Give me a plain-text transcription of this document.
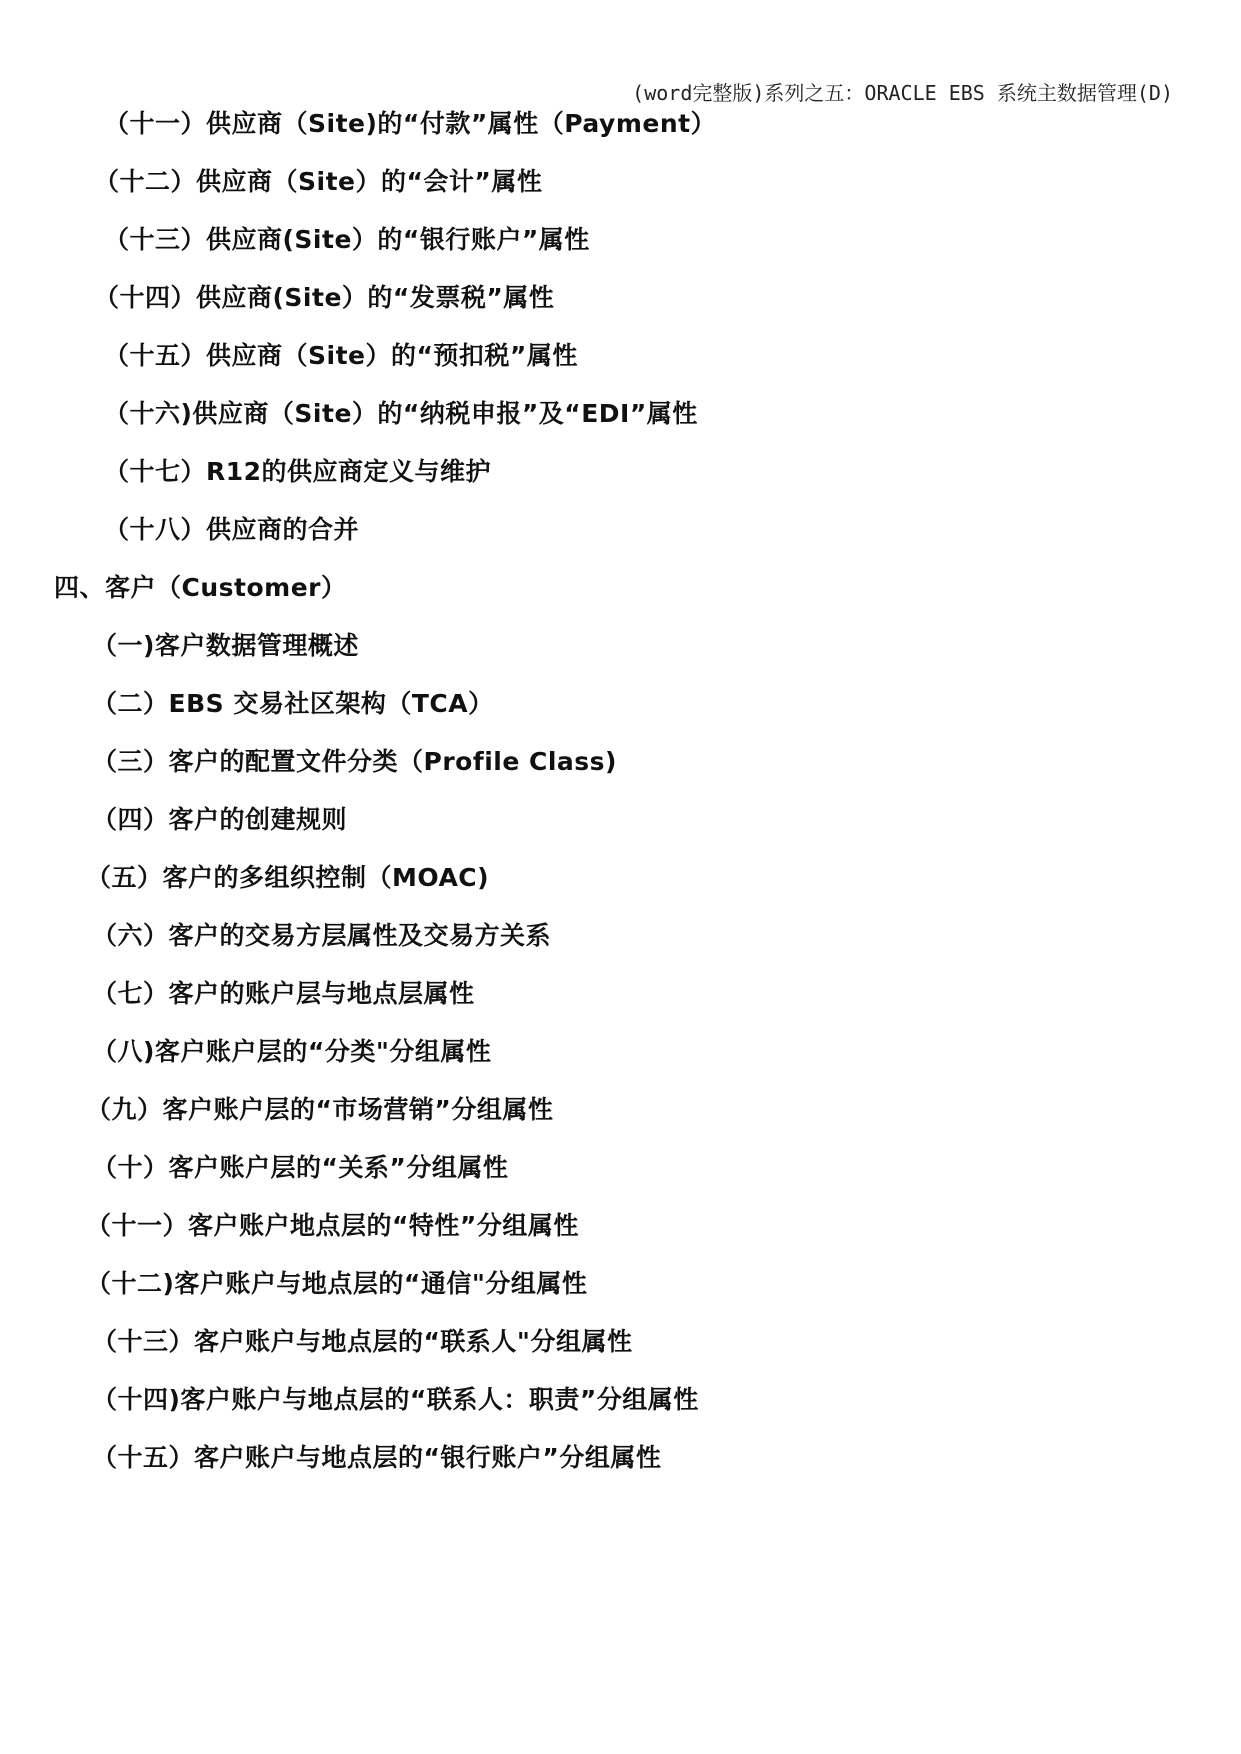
(word完整版)系列之五：ORACLE EBS 系统主数据管理(D)
（十一）供应商（Site)的“付款”属性（Payment）
（十二）供应商（Site）的“会计”属性
（十三）供应商(Site）的“银行账户”属性
（十四）供应商(Site）的“发票税”属性
（十五）供应商（Site）的“预扣税”属性
（十六)供应商（Site）的“纳税申报”及“EDI”属性
（十七）R12的供应商定义与维护
（十八）供应商的合并
四、客户（Customer）
（一)客户数据管理概述
（二）EBS 交易社区架构（TCA）
（三）客户的配置文件分类（Profile Class)
（四）客户的创建规则
（五）客户的多组织控制（MOAC)
（六）客户的交易方层属性及交易方关系
（七）客户的账户层与地点层属性
（八)客户账户层的“分类"分组属性
（九）客户账户层的“市场营销”分组属性
（十）客户账户层的“关系”分组属性
（十一）客户账户地点层的“特性”分组属性
（十二)客户账户与地点层的“通信"分组属性
（十三）客户账户与地点层的“联系人"分组属性
（十四)客户账户与地点层的“联系人：职责”分组属性
（十五）客户账户与地点层的“银行账户”分组属性
